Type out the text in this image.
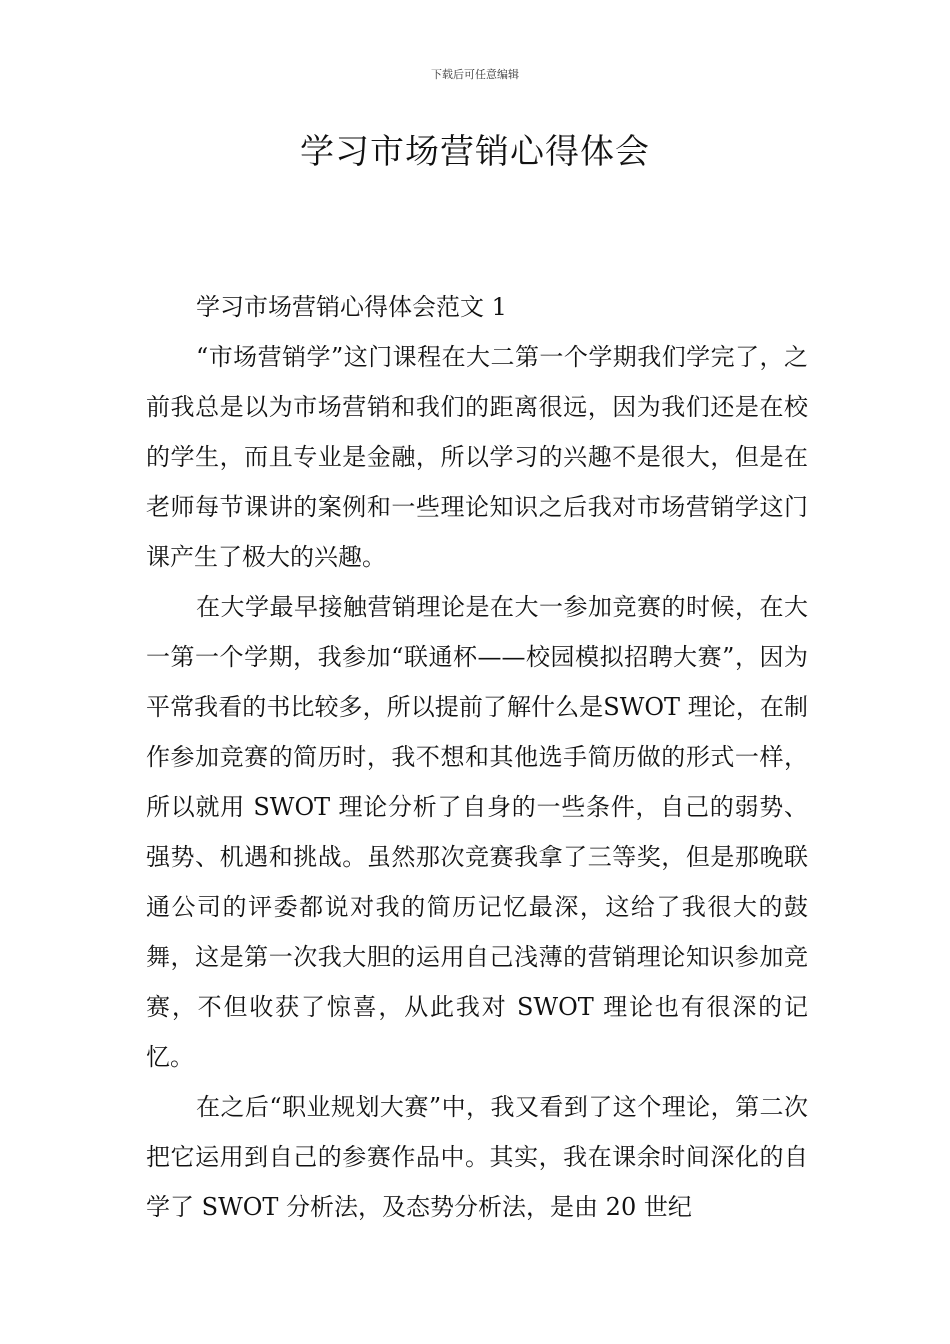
下载后可任意编辑
学习市场营销心得体会
学习市场营销心得体会范文 1

“市场营销学”这门课程在大二第一个学期我们学完了，之前我总是以为市场营销和我们的距离很远，因为我们还是在校的学生，而且专业是金融，所以学习的兴趣不是很大，但是在老师每节课讲的案例和一些理论知识之后我对市场营销学这门课产生了极大的兴趣。

在大学最早接触营销理论是在大一参加竞赛的时候，在大一第一个学期，我参加“联通杯——校园模拟招聘大赛”，因为平常我看的书比较多，所以提前了解什么是SWOT 理论，在制作参加竞赛的简历时，我不想和其他选手简历做的形式一样，所以就用 SWOT 理论分析了自身的一些条件，自己的弱势、强势、机遇和挑战。虽然那次竞赛我拿了三等奖，但是那晚联通公司的评委都说对我的简历记忆最深，这给了我很大的鼓舞，这是第一次我大胆的运用自己浅薄的营销理论知识参加竞赛，不但收获了惊喜，从此我对 SWOT 理论也有很深的记忆。

在之后“职业规划大赛”中，我又看到了这个理论，第二次把它运用到自己的参赛作品中。其实，我在课余时间深化的自学了 SWOT 分析法，及态势分析法，是由 20 世纪
